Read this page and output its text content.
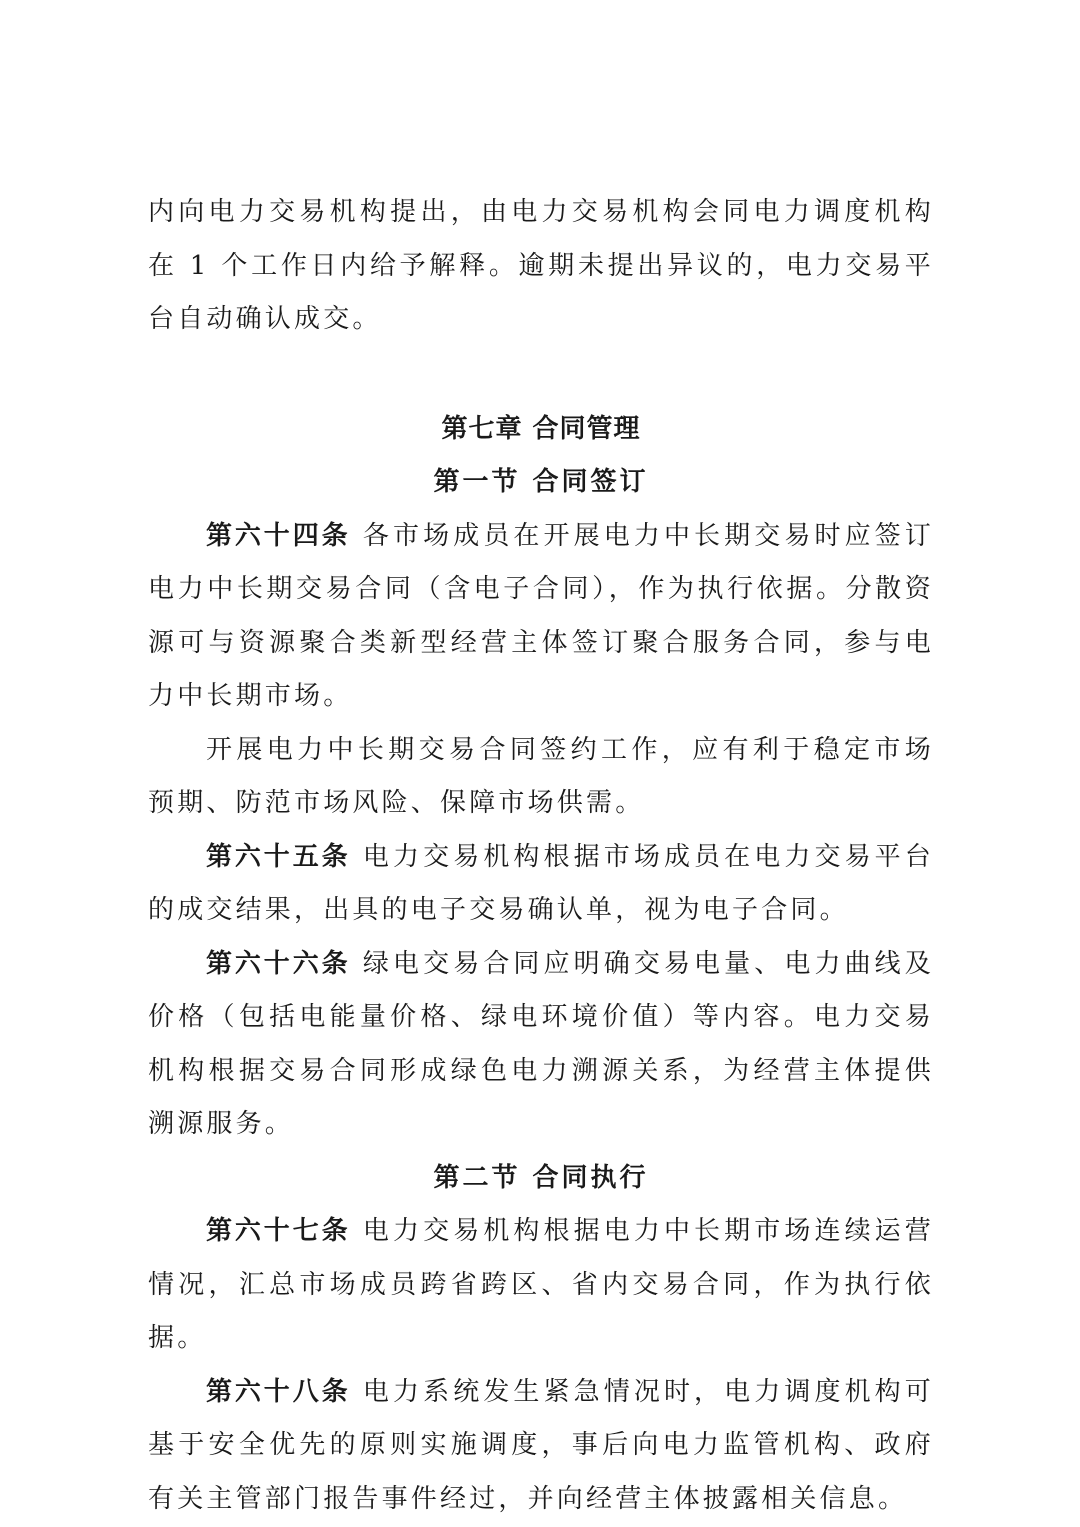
内向电力交易机构提出，由电力交易机构会同电力调度机构在 1 个工作日内给予解释。逾期未提出异议的，电力交易平台自动确认成交。

第七章 合同管理
第一节 合同签订

第六十四条 各市场成员在开展电力中长期交易时应签订电力中长期交易合同（含电子合同），作为执行依据。分散资源可与资源聚合类新型经营主体签订聚合服务合同，参与电力中长期市场。

开展电力中长期交易合同签约工作，应有利于稳定市场预期、防范市场风险、保障市场供需。

第六十五条 电力交易机构根据市场成员在电力交易平台的成交结果，出具的电子交易确认单，视为电子合同。

第六十六条 绿电交易合同应明确交易电量、电力曲线及价格（包括电能量价格、绿电环境价值）等内容。电力交易机构根据交易合同形成绿色电力溯源关系，为经营主体提供溯源服务。

第二节 合同执行

第六十七条 电力交易机构根据电力中长期市场连续运营情况，汇总市场成员跨省跨区、省内交易合同，作为执行依据。

第六十八条 电力系统发生紧急情况时，电力调度机构可基于安全优先的原则实施调度，事后向电力监管机构、政府有关主管部门报告事件经过，并向经营主体披露相关信息。
